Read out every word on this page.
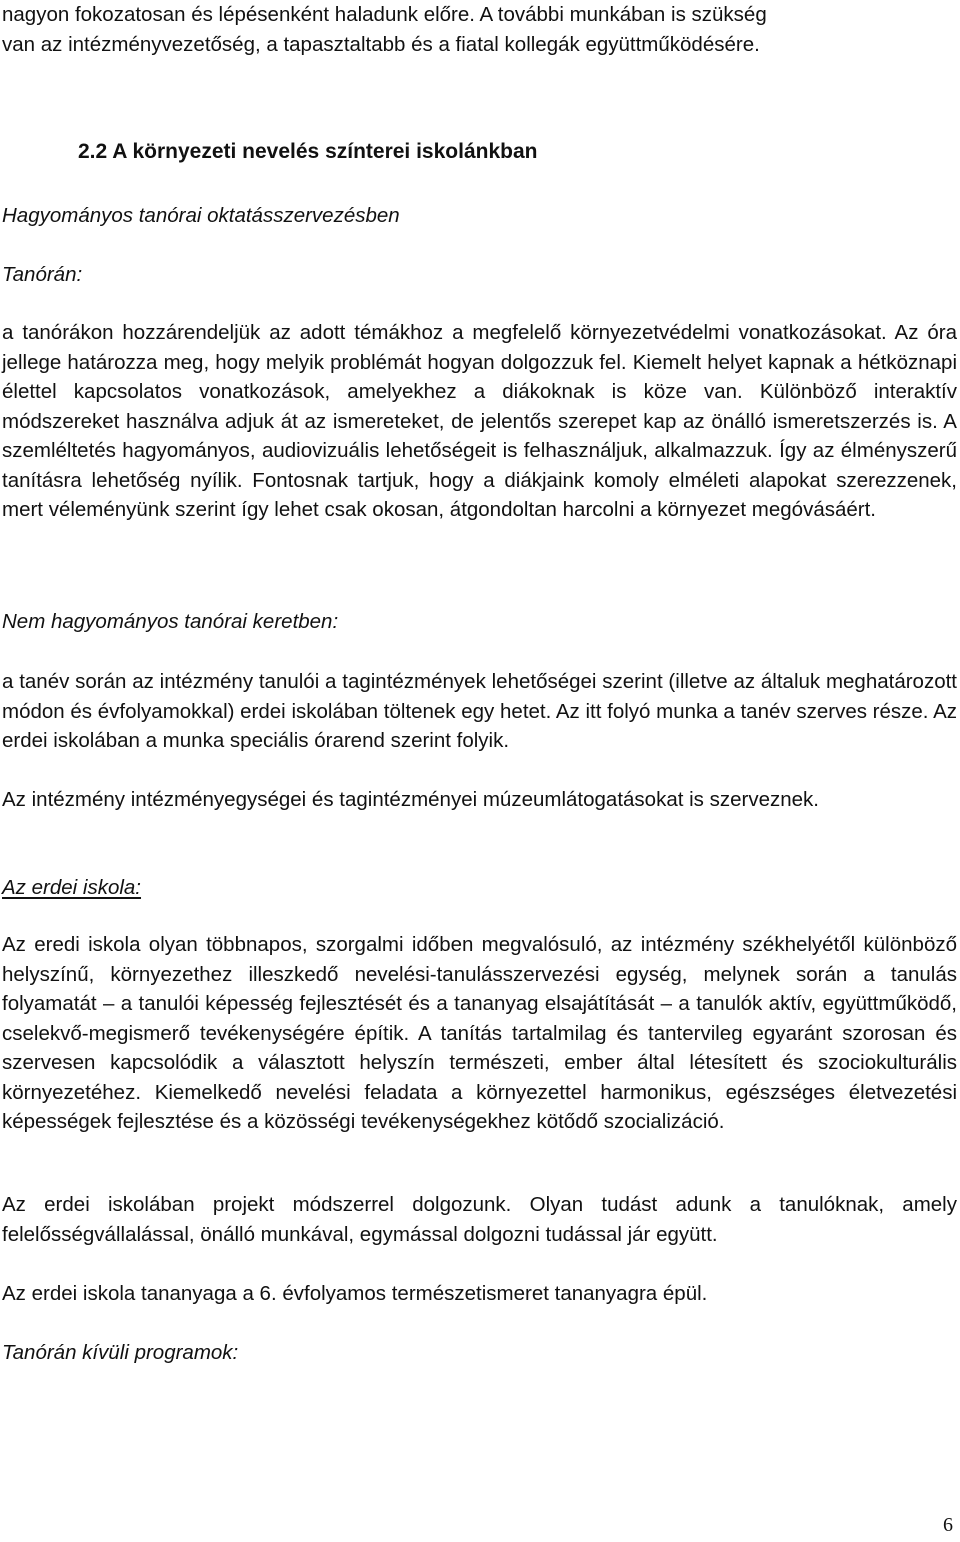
nagyon fokozatosan és lépésenként haladunk előre. A további munkában is szükség

van az intézményvezetőség, a tapasztaltabb és a fiatal kollegák együttműködésére.

2.2 A környezeti nevelés színterei iskolánkban

Hagyományos tanórai oktatásszervezésben

Tanórán:

a tanórákon hozzárendeljük az adott témákhoz a megfelelő környezetvédelmi vonatkozásokat. Az óra jellege határozza meg, hogy melyik problémát hogyan dolgozzuk fel. Kiemelt helyet kapnak a hétköznapi élettel kapcsolatos vonatkozások, amelyekhez a diákoknak is köze van. Különböző interaktív módszereket használva adjuk át az ismereteket, de jelentős szerepet kap az önálló ismeretszerzés is. A szemléltetés hagyományos, audiovizuális lehetőségeit is felhasználjuk, alkalmazzuk. Így az élményszerű tanításra lehetőség nyílik. Fontosnak tartjuk, hogy a diákjaink komoly elméleti alapokat szerezzenek, mert véleményünk szerint így lehet csak okosan, átgondoltan harcolni a környezet megóvásáért.

Nem hagyományos tanórai keretben:

a tanév során az intézmény tanulói a tagintézmények lehetőségei szerint (illetve az általuk meghatározott módon és évfolyamokkal) erdei iskolában töltenek egy hetet. Az itt folyó munka a tanév szerves része. Az erdei iskolában a munka speciális órarend szerint folyik.

Az intézmény intézményegységei és tagintézményei múzeumlátogatásokat is szerveznek.

Az erdei iskola:

Az eredi iskola olyan többnapos, szorgalmi időben megvalósuló, az intézmény székhelyétől különböző helyszínű, környezethez illeszkedő nevelési-tanulásszervezési egység, melynek során a tanulás folyamatát – a tanulói képesség fejlesztését és a tananyag elsajátítását – a tanulók aktív, együttműködő, cselekvő-megismerő tevékenységére építik. A tanítás tartalmilag és tantervileg egyaránt szorosan és szervesen kapcsolódik a választott helyszín természeti, ember által létesített és szociokulturális környezetéhez. Kiemelkedő nevelési feladata a környezettel harmonikus, egészséges életvezetési képességek fejlesztése és a közösségi tevékenységekhez kötődő szocializáció.

Az erdei iskolában projekt módszerrel dolgozunk. Olyan tudást adunk a tanulóknak, amely felelősségvállalással, önálló munkával, egymással dolgozni tudással jár együtt.

Az erdei iskola tananyaga a 6. évfolyamos természetismeret tananyagra épül.

Tanórán kívüli programok:

6
